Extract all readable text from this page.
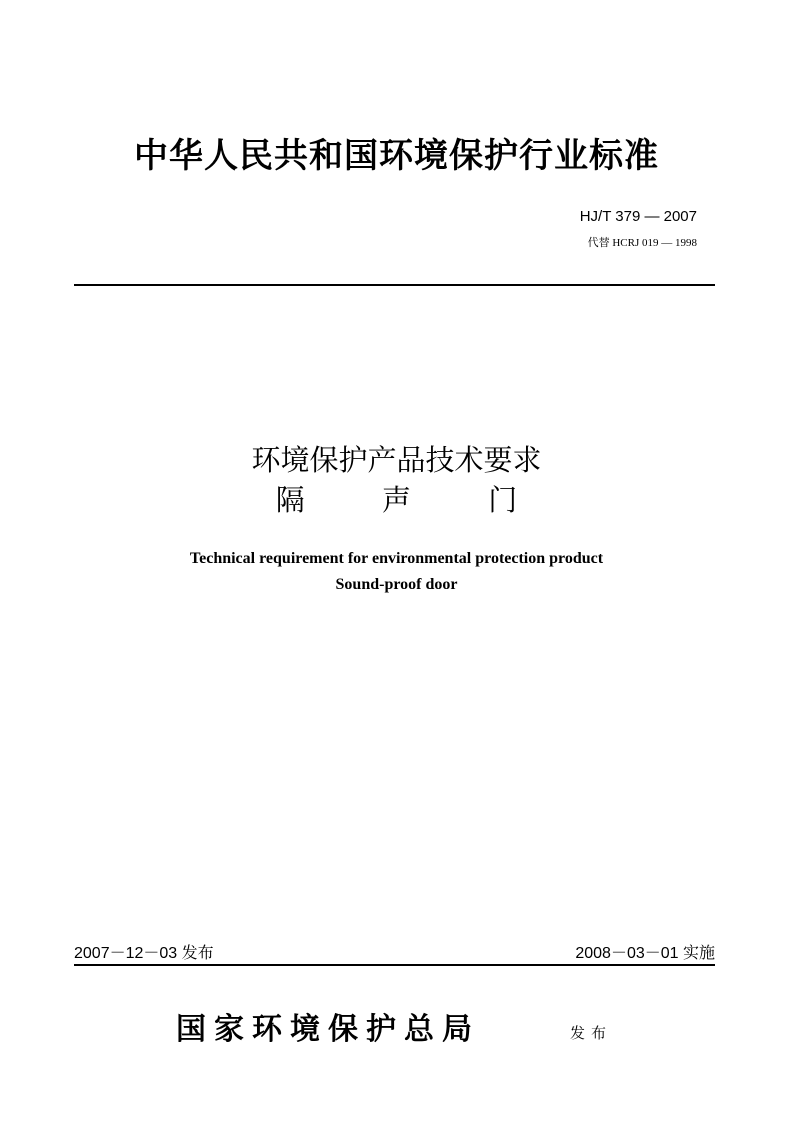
中华人民共和国环境保护行业标准
HJ/T 379 — 2007
代替 HCRJ 019 — 1998
环境保护产品技术要求
隔 声 门
Technical requirement for environmental protection product
Sound-proof door
2007－12－03 发布	2008－03－01 实施
国家环境保护总局	发布
